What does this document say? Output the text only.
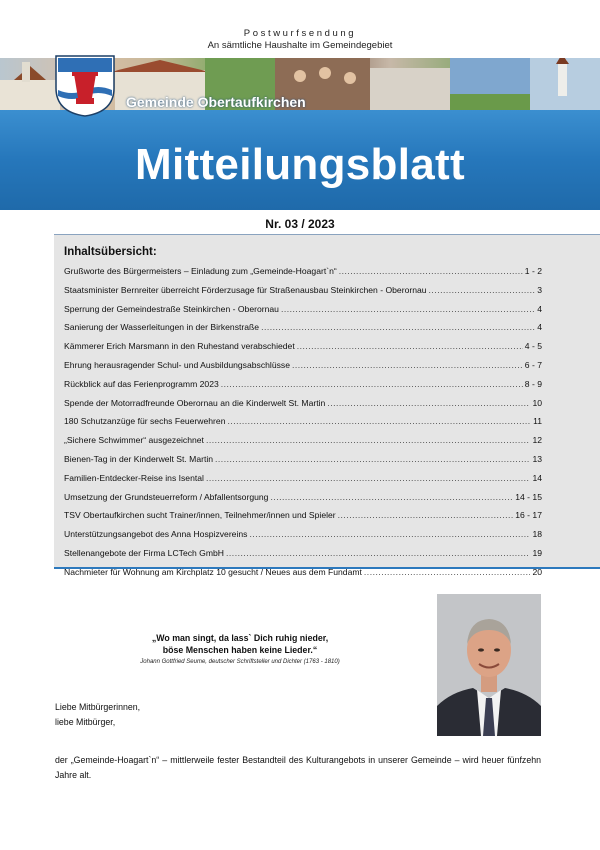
Postwurfsendung
An sämtliche Haushalte im Gemeindegebiet
Gemeinde Obertaufkirchen
Mitteilungsblatt
Nr. 03 / 2023
Inhaltsübersicht:
Grußworte des Bürgermeisters – Einladung zum „Gemeinde-Hoagart`n“ .....	1 - 2
Staatsminister Bernreiter überreicht Förderzusage für Straßenausbau Steinkirchen - Oberornau .....	3
Sperrung der Gemeindestraße Steinkirchen - Oberornau .....	4
Sanierung der Wasserleitungen in der Birkenstraße .....	4
Kämmerer Erich Marsmann in den Ruhestand verabschiedet .....	4 - 5
Ehrung herausragender Schul- und Ausbildungsabschlüsse .....	6 - 7
Rückblick auf das Ferienprogramm 2023 .....	8 - 9
Spende der Motorradfreunde Oberornau an die Kinderwelt St. Martin .....	10
180 Schutzanzüge für sechs Feuerwehren .....	11
„Sichere Schwimmer“ ausgezeichnet .....	12
Bienen-Tag in der Kinderwelt St. Martin .....	13
Familien-Entdecker-Reise ins Isental .....	14
Umsetzung der Grundsteuerreform / Abfallentsorgung .....	14 - 15
TSV Obertaufkirchen sucht Trainer/innen, Teilnehmer/innen und Spieler .....	16 - 17
Unterstützungsangebot des Anna Hospizvereins .....	18
Stellenangebote der Firma LCTech GmbH .....	19
Nachmieter für Wohnung am Kirchplatz 10 gesucht / Neues aus dem Fundamt .....	20
„Wo man singt, da lass` Dich ruhig nieder,
böse Menschen haben keine Lieder.“
Johann Gottfried Seume, deutscher Schriftsteller und Dichter (1763 - 1810)
Liebe Mitbürgerinnen,
liebe Mitbürger,
der „Gemeinde-Hoagart`n“ – mittlerweile fester Bestandteil des Kulturangebots in unserer Gemeinde – wird heuer fünfzehn Jahre alt.
